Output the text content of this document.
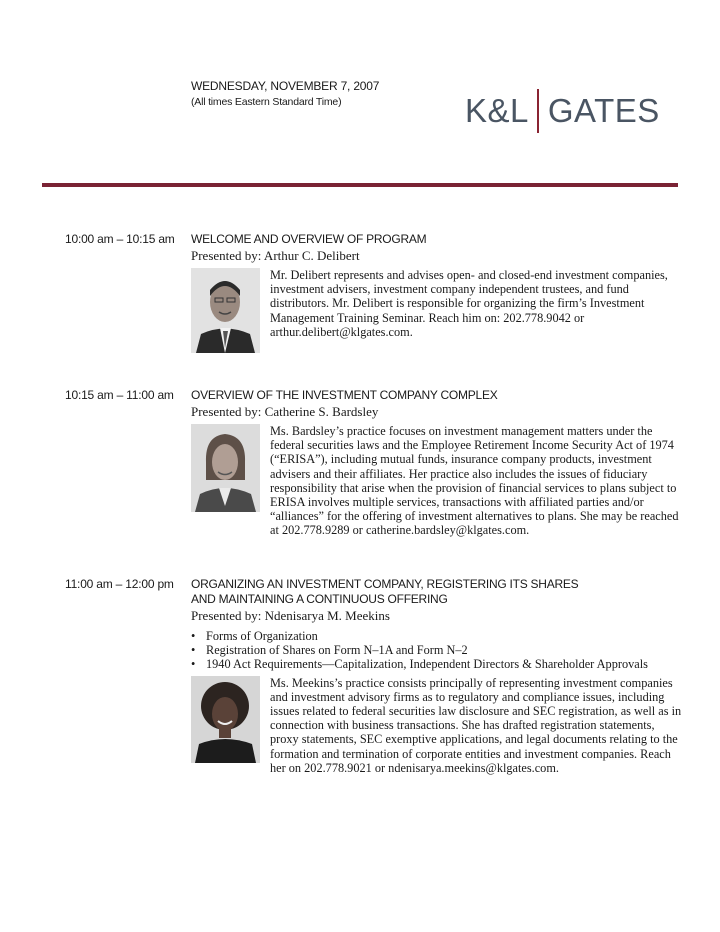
WEDNESDAY, NOVEMBER 7, 2007
(All times Eastern Standard Time)	K&L GATES
10:00 am – 10:15 am WELCOME AND OVERVIEW OF PROGRAM
Presented by: Arthur C. Delibert
Mr. Delibert represents and advises open- and closed-end investment companies, investment advisers, investment company independent trustees, and fund distributors. Mr. Delibert is responsible for organizing the firm’s Investment Management Training Seminar. Reach him on: 202.778.9042 or arthur.delibert@klgates.com.
10:15 am – 11:00 am OVERVIEW OF THE INVESTMENT COMPANY COMPLEX
Presented by: Catherine S. Bardsley
Ms. Bardsley’s practice focuses on investment management matters under the federal securities laws and the Employee Retirement Income Security Act of 1974 (“ERISA”), including mutual funds, insurance company products, investment advisers and their affiliates. Her practice also includes the issues of fiduciary responsibility that arise when the provision of financial services to plans subject to ERISA involves multiple services, transactions with affiliated parties and/or “alliances” for the offering of investment alternatives to plans. She may be reached at 202.778.9289 or catherine.bardsley@klgates.com.
11:00 am – 12:00 pm ORGANIZING AN INVESTMENT COMPANY, REGISTERING ITS SHARES
AND MAINTAINING A CONTINUOUS OFFERING
Presented by: Ndenisarya M. Meekins
• Forms of Organization
• Registration of Shares on Form N–1A and Form N–2
• 1940 Act Requirements—Capitalization, Independent Directors & Shareholder Approvals
Ms. Meekins’s practice consists principally of representing investment companies and investment advisory firms as to regulatory and compliance issues, including issues related to federal securities law disclosure and SEC registration, as well as in connection with business transactions. She has drafted registration statements, proxy statements, SEC exemptive applications, and legal documents relating to the formation and termination of corporate entities and investment companies. Reach her on 202.778.9021 or ndenisarya.meekins@klgates.com.
